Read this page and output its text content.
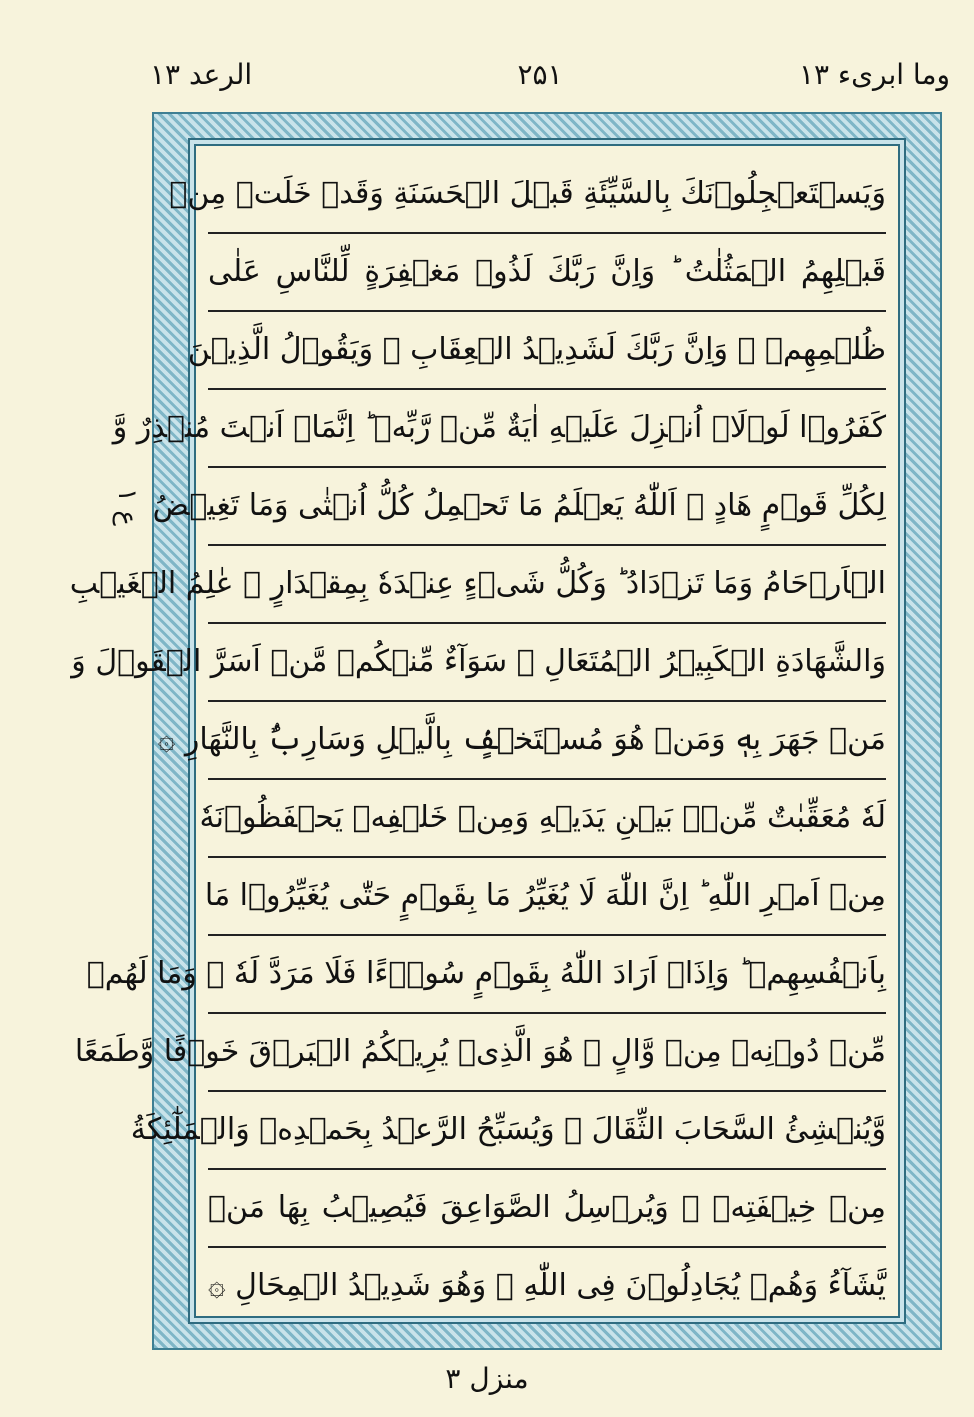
وما ابریء ۱۳
۲۵۱
الرعد ۱۳
ع ۱
وَيَسۡتَعۡجِلُوۡنَكَ بِالسَّيِّئَةِ قَبۡلَ الۡحَسَنَةِ وَقَدۡ خَلَتۡ مِنۡ
قَبۡلِهِمُ الۡمَثُلٰتُ ؕ وَاِنَّ رَبَّكَ لَذُوۡ مَغۡفِرَةٍ لِّلنَّاسِ عَلٰى
ظُلۡمِهِمۡ ۚ وَاِنَّ رَبَّكَ لَشَدِيۡدُ الۡعِقَابِ ۞ وَيَقُوۡلُ الَّذِيۡنَ
كَفَرُوۡا لَوۡلَاۤ اُنۡزِلَ عَلَيۡهِ اٰيَةٌ مِّنۡ رَّبِّهٖ ؕ اِنَّمَاۤ اَنۡتَ مُنۡذِرٌ وَّ
لِكُلِّ قَوۡمٍ هَادٍ ۞ اَللّٰهُ يَعۡلَمُ مَا تَحۡمِلُ كُلُّ اُنۡثٰى وَمَا تَغِيۡضُ
الۡاَرۡحَامُ وَمَا تَزۡدَادُ ؕ وَكُلُّ شَىۡءٍ عِنۡدَهٗ بِمِقۡدَارٍ ۞ عٰلِمُ الۡغَيۡبِ
وَالشَّهَادَةِ الۡكَبِيۡرُ الۡمُتَعَالِ ۞ سَوَآءٌ مِّنۡكُمۡ مَّنۡ اَسَرَّ الۡقَوۡلَ وَ
مَنۡ جَهَرَ بِهٖ وَمَنۡ هُوَ مُسۡتَخۡفٍۢ بِالَّيۡلِ وَسَارِبٌۢ بِالنَّهَارِ ۞
لَهٗ مُعَقِّبٰتٌ مِّنۡۢ بَيۡنِ يَدَيۡهِ وَمِنۡ خَلۡفِهٖ يَحۡفَظُوۡنَهٗ
مِنۡ اَمۡرِ اللّٰهِ ؕ اِنَّ اللّٰهَ لَا يُغَيِّرُ مَا بِقَوۡمٍ حَتّٰى يُغَيِّرُوۡا مَا
بِاَنۡفُسِهِمۡ ؕ وَاِذَاۤ اَرَادَ اللّٰهُ بِقَوۡمٍ سُوۡۤءًا فَلَا مَرَدَّ لَهٗ ۚ وَمَا لَهُمۡ
مِّنۡ دُوۡنِهٖ مِنۡ وَّالٍ ۞ هُوَ الَّذِىۡ يُرِيۡكُمُ الۡبَرۡقَ خَوۡفًا وَّطَمَعًا
وَّيُنۡشِئُ السَّحَابَ الثِّقَالَ ۞ وَيُسَبِّحُ الرَّعۡدُ بِحَمۡدِهٖ وَالۡمَلٰٓئِكَةُ
مِنۡ خِيۡفَتِهٖ ۚ وَيُرۡسِلُ الصَّوَاعِقَ فَيُصِيۡبُ بِهَا مَنۡ
يَّشَآءُ وَهُمۡ يُجَادِلُوۡنَ فِى اللّٰهِ ۚ وَهُوَ شَدِيۡدُ الۡمِحَالِ ۞
منزل ۳
